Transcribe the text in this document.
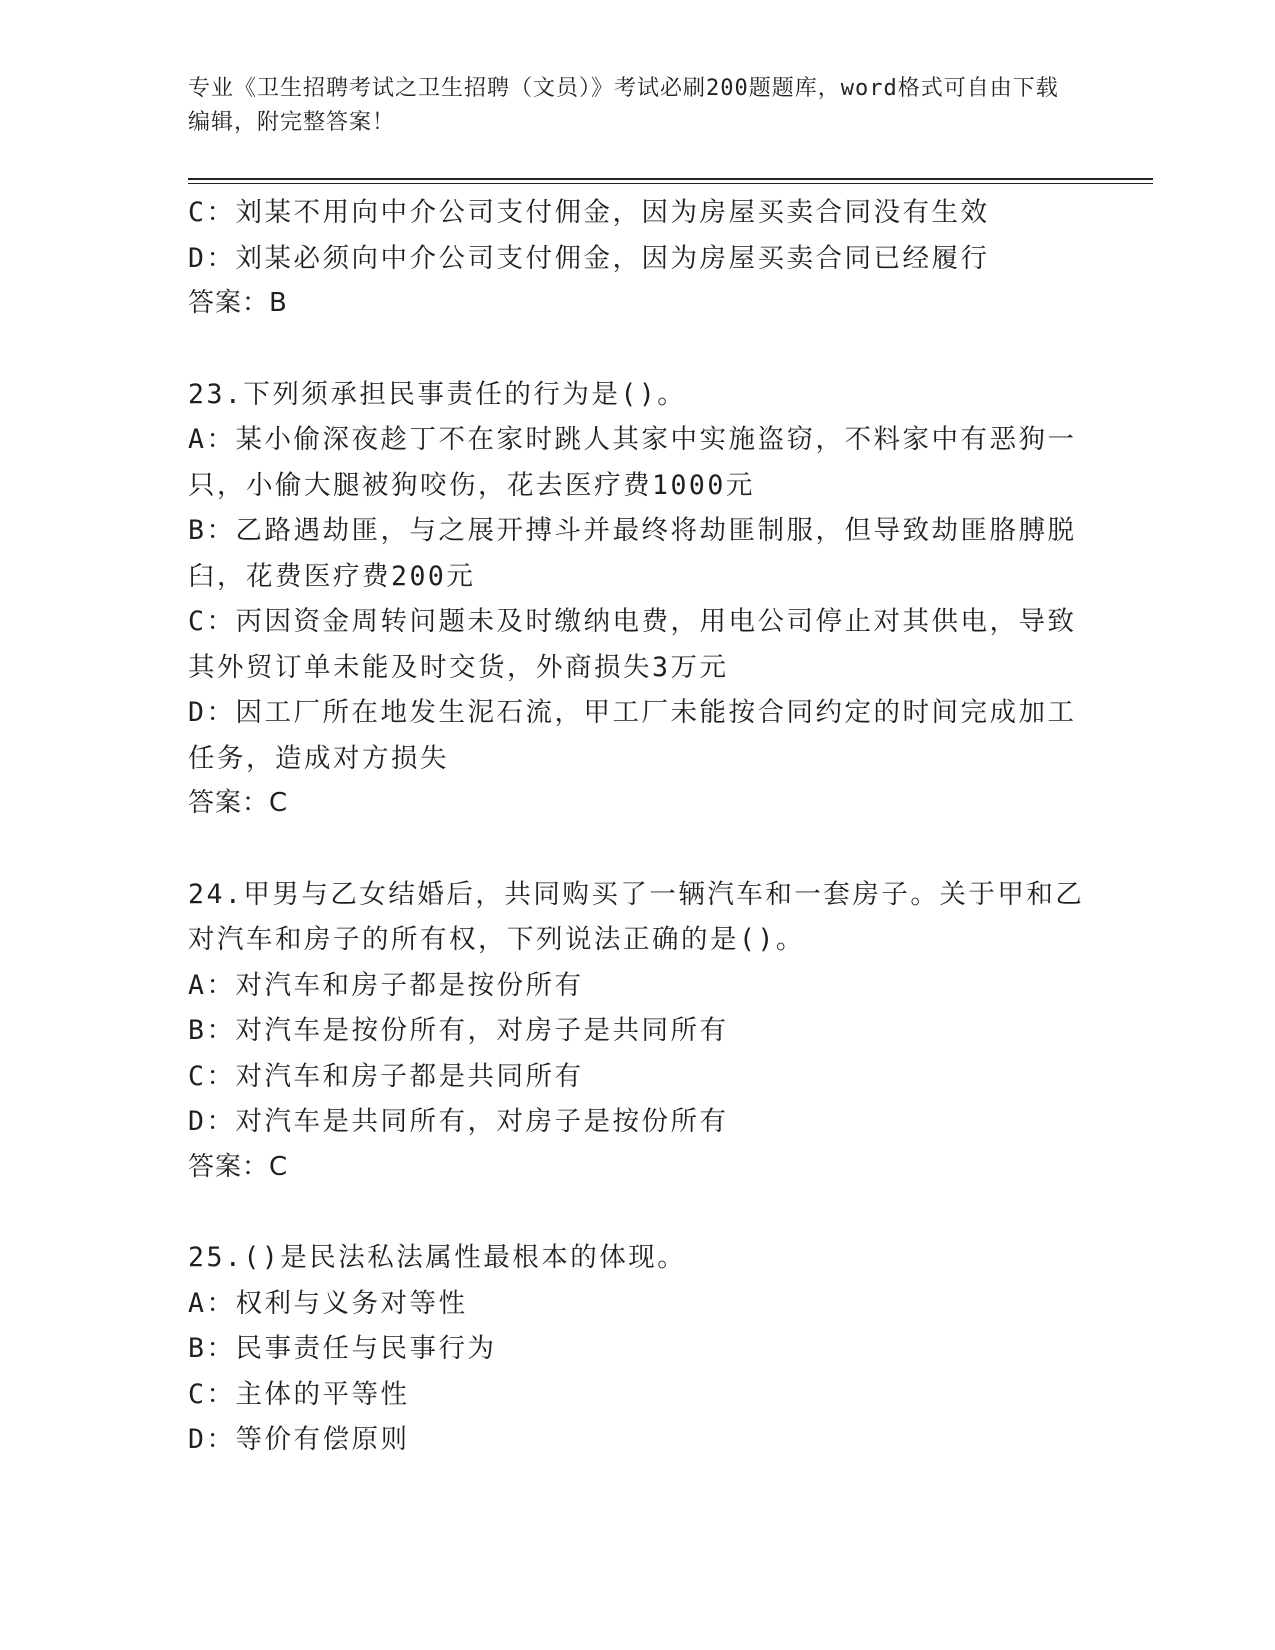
专业《卫生招聘考试之卫生招聘（文员）》考试必刷200题题库，word格式可自由下载编辑，附完整答案！

C：刘某不用向中介公司支付佣金，因为房屋买卖合同没有生效

D：刘某必须向中介公司支付佣金，因为房屋买卖合同已经履行

答案：B

23.下列须承担民事责任的行为是()。

A：某小偷深夜趁丁不在家时跳人其家中实施盗窃，不料家中有恶狗一只，小偷大腿被狗咬伤，花去医疗费1000元

B：乙路遇劫匪，与之展开搏斗并最终将劫匪制服，但导致劫匪胳膊脱臼，花费医疗费200元

C：丙因资金周转问题未及时缴纳电费，用电公司停止对其供电，导致其外贸订单未能及时交货，外商损失3万元

D：因工厂所在地发生泥石流，甲工厂未能按合同约定的时间完成加工任务，造成对方损失

答案：C

24.甲男与乙女结婚后，共同购买了一辆汽车和一套房子。关于甲和乙对汽车和房子的所有权，下列说法正确的是()。

A：对汽车和房子都是按份所有

B：对汽车是按份所有，对房子是共同所有

C：对汽车和房子都是共同所有

D：对汽车是共同所有，对房子是按份所有

答案：C

25.()是民法私法属性最根本的体现。

A：权利与义务对等性

B：民事责任与民事行为

C：主体的平等性

D：等价有偿原则
